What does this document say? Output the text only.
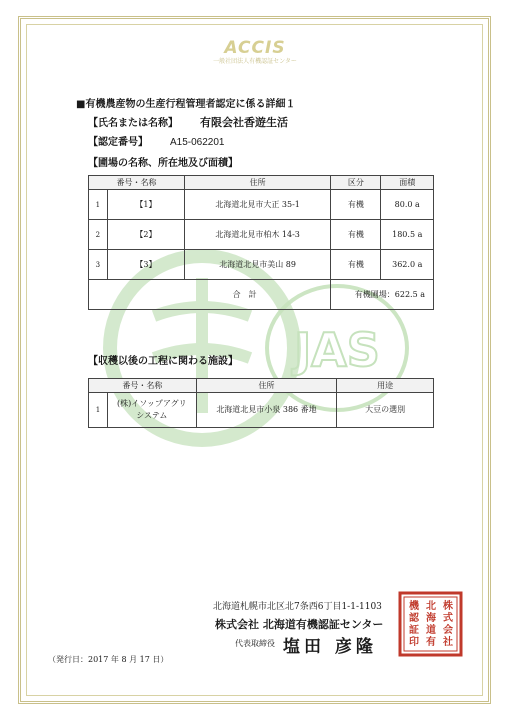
JAS
ACCIS
一般社団法人有機認証センター
■有機農産物の生産行程管理者認定に係る詳細１
【氏名または名称】 有限会社香遊生活
【認定番号】 A15-062201
【圃場の名称、所在地及び面積】
番号・名称		住所	区分	面積
1	【1】	北海道北見市大正 35-1	有機	80.0 a
2	【2】	北海道北見市柏木 14-3	有機	180.5 a
3	【3】	北海道北見市美山 89	有機	362.0 a
合　計			有機圃場：622.5 a	
【収穫以後の工程に関わる施設】
番号・名称		住所	用途
1	(株)イソップアグリ
システム	北海道北見市小泉 386 番地	大豆の選別
北海道札幌市北区北7条西6丁目1-1-1103
株式会社 北海道有機認証センター
代表取締役 塩田 彦隆
株
式
会
社
北
海
道
有
機
認
証
印
（発行日：2017 年 8 月 17 日）
